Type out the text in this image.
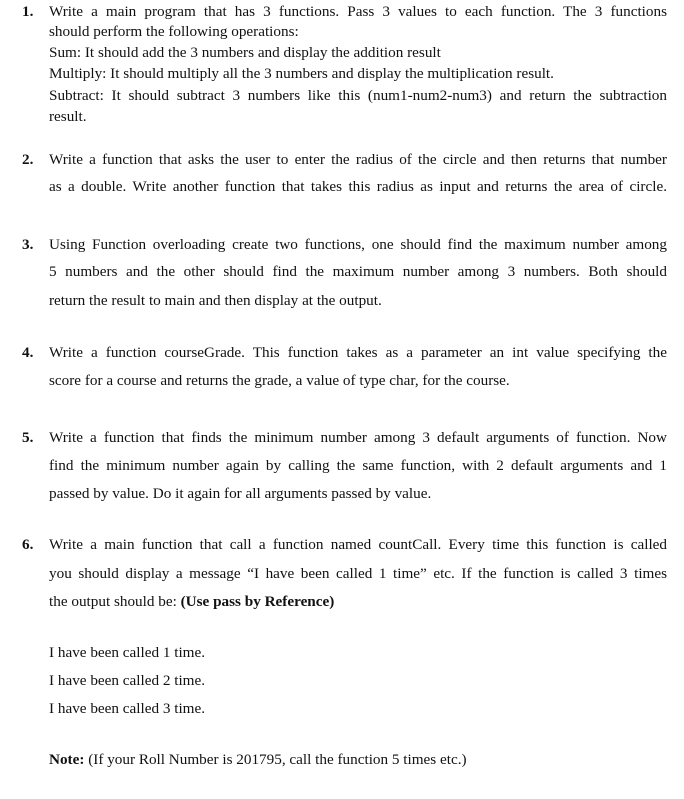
1. Write a main program that has 3 functions. Pass 3 values to each function. The 3 functions
should perform the following operations:
Sum: It should add the 3 numbers and display the addition result
Multiply: It should multiply all the 3 numbers and display the multiplication result.
Subtract: It should subtract 3 numbers like this (num1-num2-num3) and return the subtraction
result.
2. Write a function that asks the user to enter the radius of the circle and then returns that number
as a double. Write another function that takes this radius as input and returns the area of circle.
3. Using Function overloading create two functions, one should find the maximum number among
5 numbers and the other should find the maximum number among 3 numbers. Both should
return the result to main and then display at the output.
4. Write a function courseGrade. This function takes as a parameter an int value specifying the
score for a course and returns the grade, a value of type char, for the course.
5. Write a function that finds the minimum number among 3 default arguments of function. Now
find the minimum number again by calling the same function, with 2 default arguments and 1
passed by value. Do it again for all arguments passed by value.
6. Write a main function that call a function named countCall. Every time this function is called
you should display a message “I have been called 1 time” etc. If the function is called 3 times
the output should be: (Use pass by Reference)
I have been called 1 time.
I have been called 2 time.
I have been called 3 time.
Note: (If your Roll Number is 201795, call the function 5 times etc.)
